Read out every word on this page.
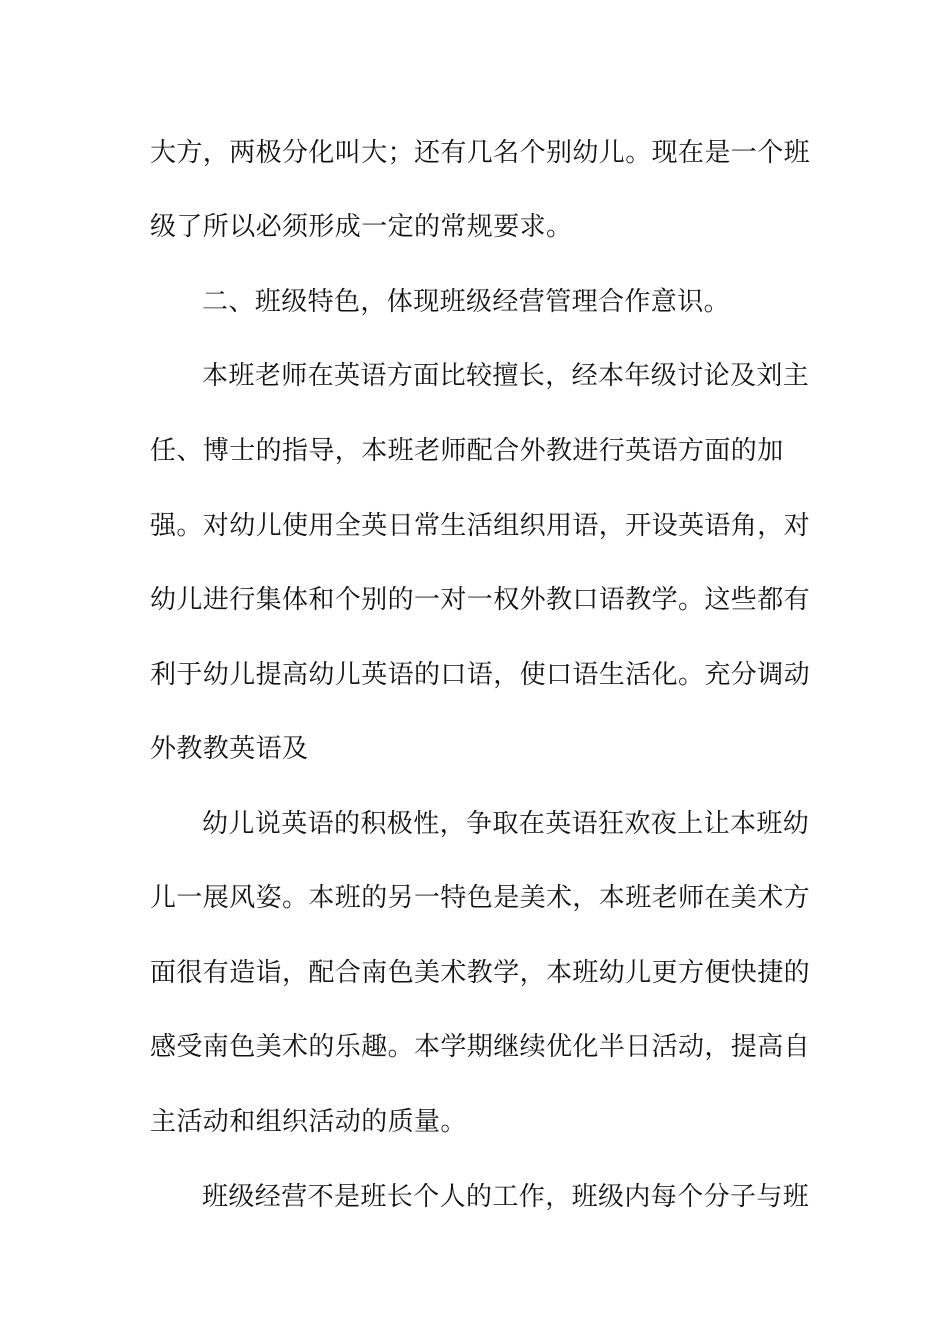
大方，两极分化叫大；还有几名个别幼儿。现在是一个班
级了所以必须形成一定的常规要求。
二、班级特色，体现班级经营管理合作意识。
本班老师在英语方面比较擅长，经本年级讨论及刘主
任、博士的指导，本班老师配合外教进行英语方面的加
强。对幼儿使用全英日常生活组织用语，开设英语角，对
幼儿进行集体和个别的一对一权外教口语教学。这些都有
利于幼儿提高幼儿英语的口语，使口语生活化。充分调动
外教教英语及
幼儿说英语的积极性，争取在英语狂欢夜上让本班幼
儿一展风姿。本班的另一特色是美术，本班老师在美术方
面很有造诣，配合南色美术教学，本班幼儿更方便快捷的
感受南色美术的乐趣。本学期继续优化半日活动，提高自
主活动和组织活动的质量。
班级经营不是班长个人的工作，班级内每个分子与班
